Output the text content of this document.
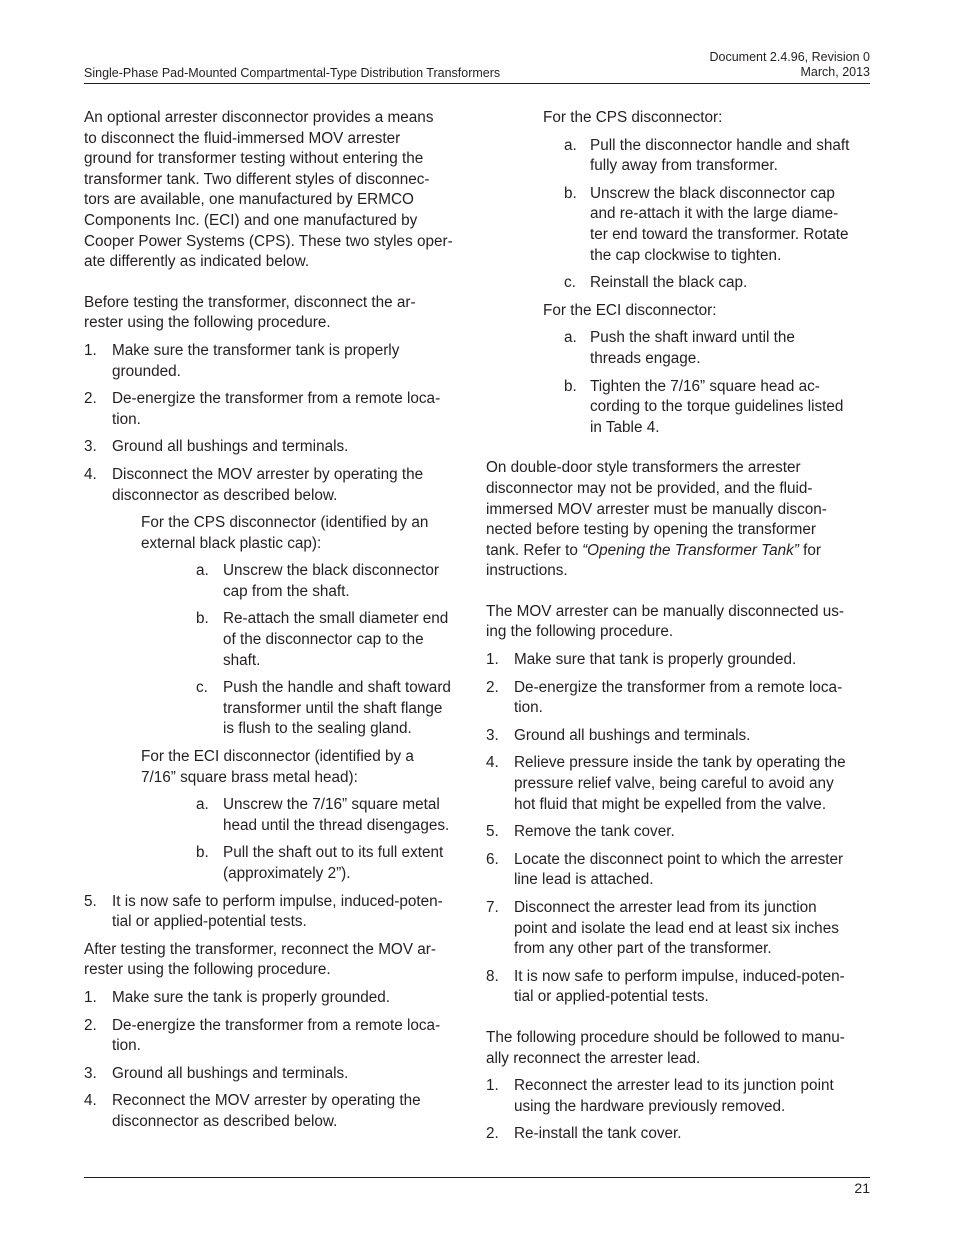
Single-Phase Pad-Mounted Compartmental-Type Distribution Transformers
Document 2.4.96, Revision 0
March, 2013

An optional arrester disconnector provides a means
to disconnect the fluid-immersed MOV arrester
ground for transformer testing without entering the
transformer tank. Two different styles of disconnec-
tors are available, one manufactured by ERMCO
Components Inc. (ECI) and one manufactured by
Cooper Power Systems (CPS). These two styles oper-
ate differently as indicated below.

Before testing the transformer, disconnect the ar-
rester using the following procedure.

1. Make sure the transformer tank is properly
grounded.
2. De-energize the transformer from a remote loca-
tion.
3. Ground all bushings and terminals.
4. Disconnect the MOV arrester by operating the
disconnector as described below.

For the CPS disconnector (identified by an
external black plastic cap):

a. Unscrew the black disconnector
cap from the shaft.
b. Re-attach the small diameter end
of the disconnector cap to the
shaft.
c. Push the handle and shaft toward
transformer until the shaft flange
is flush to the sealing gland.

For the ECI disconnector (identified by a
7/16” square brass metal head):

a. Unscrew the 7/16” square metal
head until the thread disengages.
b. Pull the shaft out to its full extent
(approximately 2”).
5. It is now safe to perform impulse, induced-poten-
tial or applied-potential tests.

After testing the transformer, reconnect the MOV ar-
rester using the following procedure.

1. Make sure the tank is properly grounded.
2. De-energize the transformer from a remote loca-
tion.
3. Ground all bushings and terminals.
4. Reconnect the MOV arrester by operating the
disconnector as described below.

For the CPS disconnector:

a. Pull the disconnector handle and shaft
fully away from transformer.
b. Unscrew the black disconnector cap
and re-attach it with the large diame-
ter end toward the transformer. Rotate
the cap clockwise to tighten.
c. Reinstall the black cap.

For the ECI disconnector:

a. Push the shaft inward until the
threads engage.
b. Tighten the 7/16” square head ac-
cording to the torque guidelines listed
in Table 4.

On double-door style transformers the arrester
disconnector may not be provided, and the fluid-
immersed MOV arrester must be manually discon-
nected before testing by opening the transformer
tank. Refer to “Opening the Transformer Tank” for
instructions.

The MOV arrester can be manually disconnected us-
ing the following procedure.

1. Make sure that tank is properly grounded.
2. De-energize the transformer from a remote loca-
tion.
3. Ground all bushings and terminals.
4. Relieve pressure inside the tank by operating the
pressure relief valve, being careful to avoid any
hot fluid that might be expelled from the valve.
5. Remove the tank cover.
6. Locate the disconnect point to which the arrester
line lead is attached.
7. Disconnect the arrester lead from its junction
point and isolate the lead end at least six inches
from any other part of the transformer.
8. It is now safe to perform impulse, induced-poten-
tial or applied-potential tests.

The following procedure should be followed to manu-
ally reconnect the arrester lead.

1. Reconnect the arrester lead to its junction point
using the hardware previously removed.
2. Re-install the tank cover.
21
